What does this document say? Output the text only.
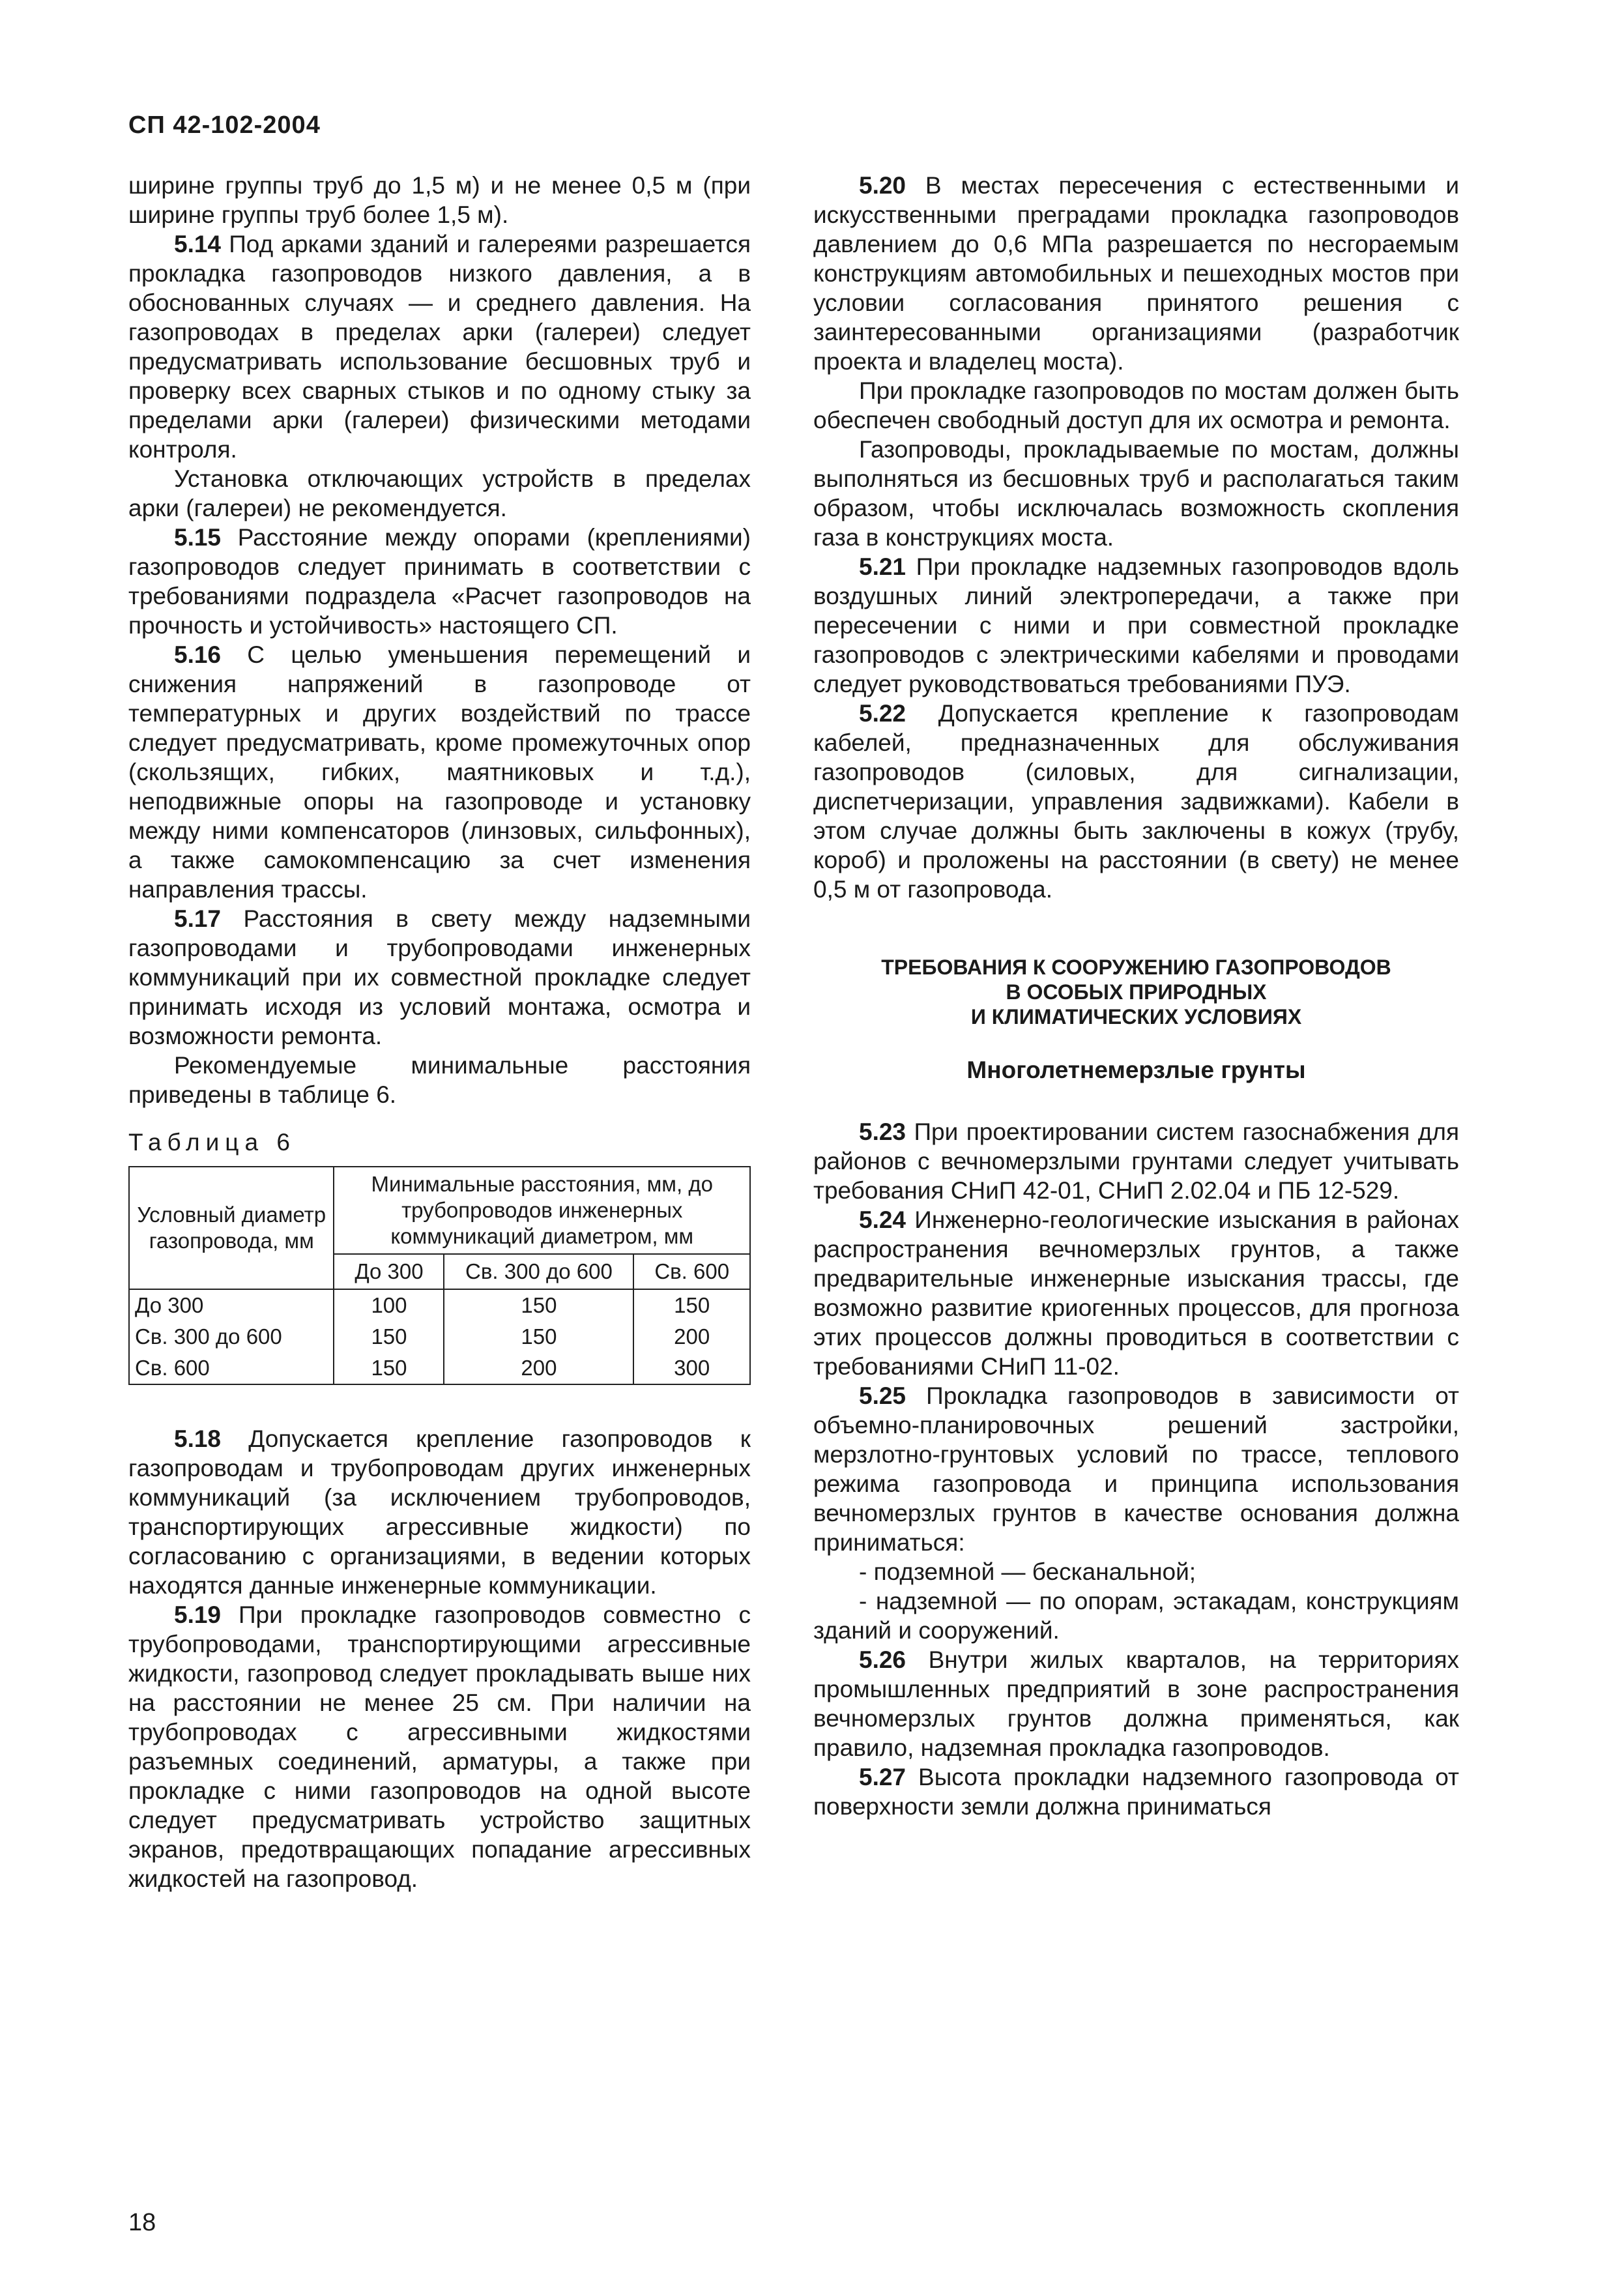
СП 42-102-2004

ширине группы труб до 1,5 м) и не менее 0,5 м (при ширине группы труб более 1,5 м).

5.14 Под арками зданий и галереями разрешается прокладка газопроводов низкого давления, а в обоснованных случаях — и среднего давления. На газопроводах в пределах арки (галереи) следует предусматривать использование бесшовных труб и проверку всех сварных стыков и по одному стыку за пределами арки (галереи) физическими методами контроля.

Установка отключающих устройств в пределах арки (галереи) не рекомендуется.

5.15 Расстояние между опорами (креплениями) газопроводов следует принимать в соответствии с требованиями подраздела «Расчет газопроводов на прочность и устойчивость» настоящего СП.

5.16 С целью уменьшения перемещений и снижения напряжений в газопроводе от температурных и других воздействий по трассе следует предусматривать, кроме промежуточных опор (скользящих, гибких, маятниковых и т.д.), неподвижные опоры на газопроводе и установку между ними компенсаторов (линзовых, сильфонных), а также самокомпенсацию за счет изменения направления трассы.

5.17 Расстояния в свету между надземными газопроводами и трубопроводами инженерных коммуникаций при их совместной прокладке следует принимать исходя из условий монтажа, осмотра и возможности ремонта.

Рекомендуемые минимальные расстояния приведены в таблице 6.

Таблица 6
Условный диаметр газопровода, мм	Минимальные расстояния, мм, до трубопроводов инженерных коммуникаций диаметром, мм		
	До 300	Св. 300 до 600	Св. 600
До 300	100	150	150
Св. 300 до 600	150	150	200
Св. 600	150	200	300

5.18 Допускается крепление газопроводов к газопроводам и трубопроводам других инженерных коммуникаций (за исключением трубопроводов, транспортирующих агрессивные жидкости) по согласованию с организациями, в ведении которых находятся данные инженерные коммуникации.

5.19 При прокладке газопроводов совместно с трубопроводами, транспортирующими агрессивные жидкости, газопровод следует прокладывать выше них на расстоянии не менее 25 см. При наличии на трубопроводах с агрессивными жидкостями разъемных соединений, арматуры, а также при прокладке с ними газопроводов на одной высоте следует предусматривать устройство защитных экранов, предотвращающих попадание агрессивных жидкостей на газопровод.

5.20 В местах пересечения с естественными и искусственными преградами прокладка газопроводов давлением до 0,6 МПа разрешается по несгораемым конструкциям автомобильных и пешеходных мостов при условии согласования принятого решения с заинтересованными организациями (разработчик проекта и владелец моста).

При прокладке газопроводов по мостам должен быть обеспечен свободный доступ для их осмотра и ремонта.

Газопроводы, прокладываемые по мостам, должны выполняться из бесшовных труб и располагаться таким образом, чтобы исключалась возможность скопления газа в конструкциях моста.

5.21 При прокладке надземных газопроводов вдоль воздушных линий электропередачи, а также при пересечении с ними и при совместной прокладке газопроводов с электрическими кабелями и проводами следует руководствоваться требованиями ПУЭ.

5.22 Допускается крепление к газопроводам кабелей, предназначенных для обслуживания газопроводов (силовых, для сигнализации, диспетчеризации, управления задвижками). Кабели в этом случае должны быть заключены в кожух (трубу, короб) и проложены на расстоянии (в свету) не менее 0,5 м от газопровода.

ТРЕБОВАНИЯ К СООРУЖЕНИЮ ГАЗОПРОВОДОВ
В ОСОБЫХ ПРИРОДНЫХ
И КЛИМАТИЧЕСКИХ УСЛОВИЯХ
Многолетнемерзлые грунты

5.23 При проектировании систем газоснабжения для районов с вечномерзлыми грунтами следует учитывать требования СНиП 42-01, СНиП 2.02.04 и ПБ 12-529.

5.24 Инженерно-геологические изыскания в районах распространения вечномерзлых грунтов, а также предварительные инженерные изыскания трассы, где возможно развитие криогенных процессов, для прогноза этих процессов должны проводиться в соответствии с требованиями СНиП 11-02.

5.25 Прокладка газопроводов в зависимости от объемно-планировочных решений застройки, мерзлотно-грунтовых условий по трассе, теплового режима газопровода и принципа использования вечномерзлых грунтов в качестве основания должна приниматься:

- подземной — бесканальной;

- надземной — по опорам, эстакадам, конструкциям зданий и сооружений.

5.26 Внутри жилых кварталов, на территориях промышленных предприятий в зоне распространения вечномерзлых грунтов должна применяться, как правило, надземная прокладка газопроводов.

5.27 Высота прокладки надземного газопровода от поверхности земли должна приниматься

18
